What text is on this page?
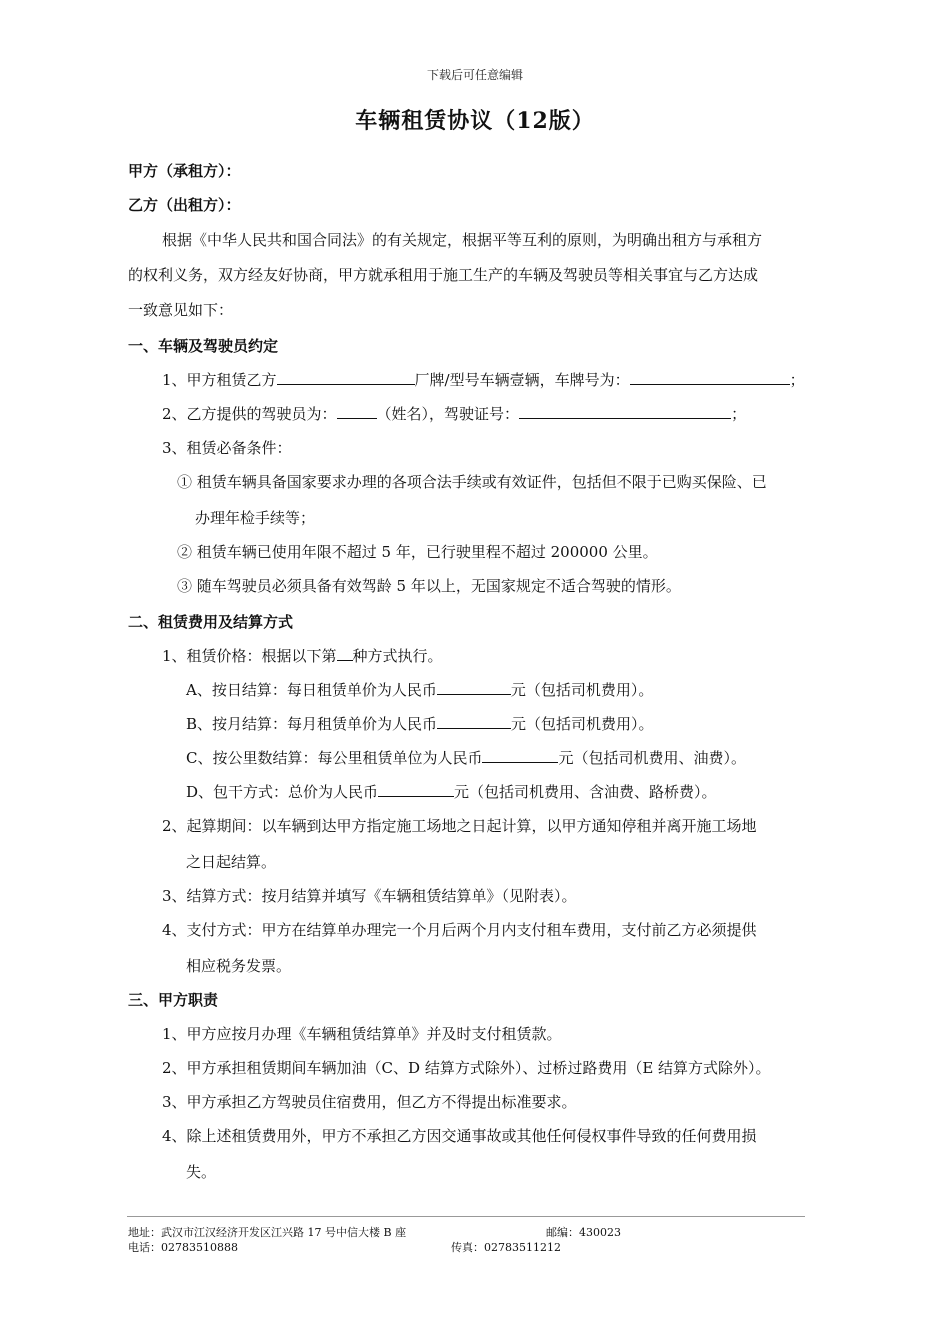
下载后可任意编辑
车辆租赁协议（12版）
甲方（承租方）：
乙方（出租方）：
根据《中华人民共和国合同法》的有关规定，根据平等互利的原则，为明确出租方与承租方
的权利义务，双方经友好协商，甲方就承租用于施工生产的车辆及驾驶员等相关事宜与乙方达成
一致意见如下：
一、车辆及驾驶员约定
1、甲方租赁乙方	厂牌/型号车辆壹辆，车牌号为：	；
2、乙方提供的驾驶员为：	（姓名），驾驶证号：	；
3、租赁必备条件：
① 租赁车辆具备国家要求办理的各项合法手续或有效证件，包括但不限于已购买保险、已
办理年检手续等；
② 租赁车辆已使用年限不超过 5 年，已行驶里程不超过 200000 公里。
③ 随车驾驶员必须具备有效驾龄 5 年以上，无国家规定不适合驾驶的情形。
二、租赁费用及结算方式
1、租赁价格：根据以下第 种方式执行。
A、按日结算：每日租赁单价为人民币	元（包括司机费用）。
B、按月结算：每月租赁单价为人民币	元（包括司机费用）。
C、按公里数结算：每公里租赁单位为人民币	元（包括司机费用、油费）。
D、包干方式：总价为人民币	元（包括司机费用、含油费、路桥费）。
2、起算期间：以车辆到达甲方指定施工场地之日起计算，以甲方通知停租并离开施工场地
之日起结算。
3、结算方式：按月结算并填写《车辆租赁结算单》（见附表）。
4、支付方式：甲方在结算单办理完一个月后两个月内支付租车费用，支付前乙方必须提供
相应税务发票。
三、甲方职责
1、甲方应按月办理《车辆租赁结算单》并及时支付租赁款。
2、甲方承担租赁期间车辆加油（C、D 结算方式除外）、过桥过路费用（E 结算方式除外）。
3、甲方承担乙方驾驶员住宿费用，但乙方不得提出标准要求。
4、除上述租赁费用外，甲方不承担乙方因交通事故或其他任何侵权事件导致的任何费用损
失。
地址：武汉市江汉经济开发区江兴路 17 号中信大楼 B 座	邮编：430023
电话：02783510888	传真：02783511212
